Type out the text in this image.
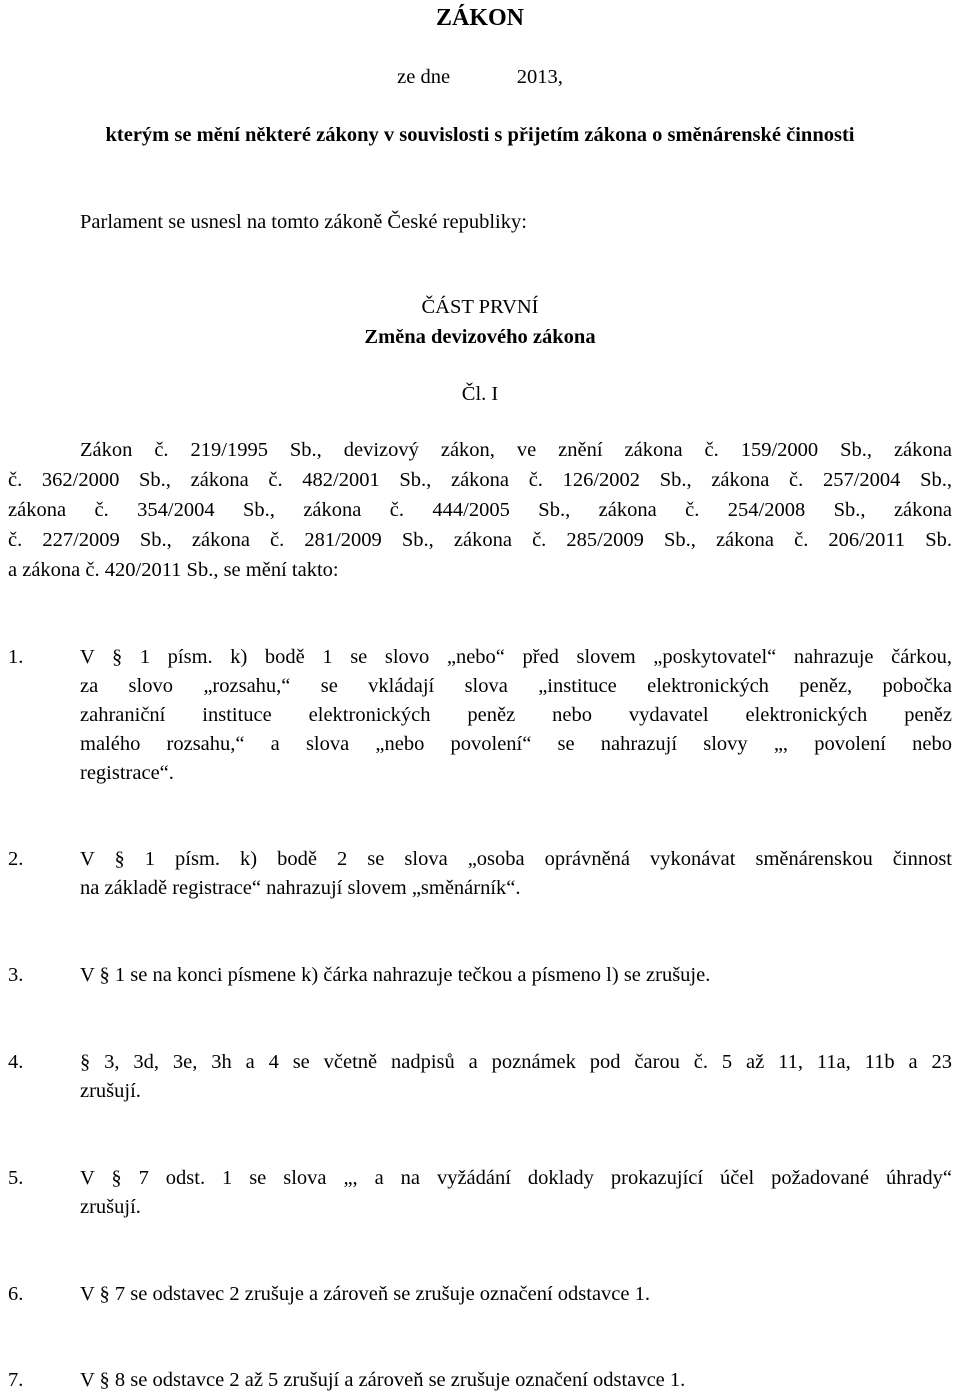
ZÁKON

ze dne             2013,

kterým se mění některé zákony v souvislosti s přijetím zákona o směnárenské činnosti

Parlament se usnesl na tomto zákoně České republiky:

ČÁST PRVNÍ

Změna devizového zákona

Čl. I

Zákon č. 219/1995 Sb., devizový zákon, ve znění zákona č. 159/2000 Sb., zákona

č. 362/2000 Sb., zákona č. 482/2001 Sb., zákona č. 126/2002 Sb., zákona č. 257/2004 Sb.,

zákona č. 354/2004 Sb., zákona č. 444/2005 Sb., zákona č. 254/2008 Sb., zákona

č. 227/2009 Sb., zákona č. 281/2009 Sb., zákona č. 285/2009 Sb., zákona č. 206/2011 Sb.

a zákona č. 420/2011 Sb., se mění takto:

1.	V § 1 písm. k) bodě 1 se slovo „nebo“ před slovem „poskytovatel“ nahrazuje čárkou,

za slovo „rozsahu,“ se vkládají slova „instituce elektronických peněz, pobočka

zahraniční instituce elektronických peněz nebo vydavatel elektronických peněz

malého rozsahu,“ a slova „nebo povolení“ se nahrazují slovy „, povolení nebo

registrace“.

2.	V § 1 písm. k) bodě 2 se slova „osoba oprávněná vykonávat směnárenskou činnost

na základě registrace“ nahrazují slovem „směnárník“.

3.	V § 1 se na konci písmene k) čárka nahrazuje tečkou a písmeno l) se zrušuje.

4.	§ 3, 3d, 3e, 3h a 4 se včetně nadpisů a poznámek pod čarou č. 5 až 11, 11a, 11b a 23

zrušují.

5.	V § 7 odst. 1 se slova „, a na vyžádání doklady prokazující účel požadované úhrady“

zrušují.

6.	V § 7 se odstavec 2 zrušuje a zároveň se zrušuje označení odstavce 1.

7.	V § 8 se odstavce 2 až 5 zrušují a zároveň se zrušuje označení odstavce 1.
